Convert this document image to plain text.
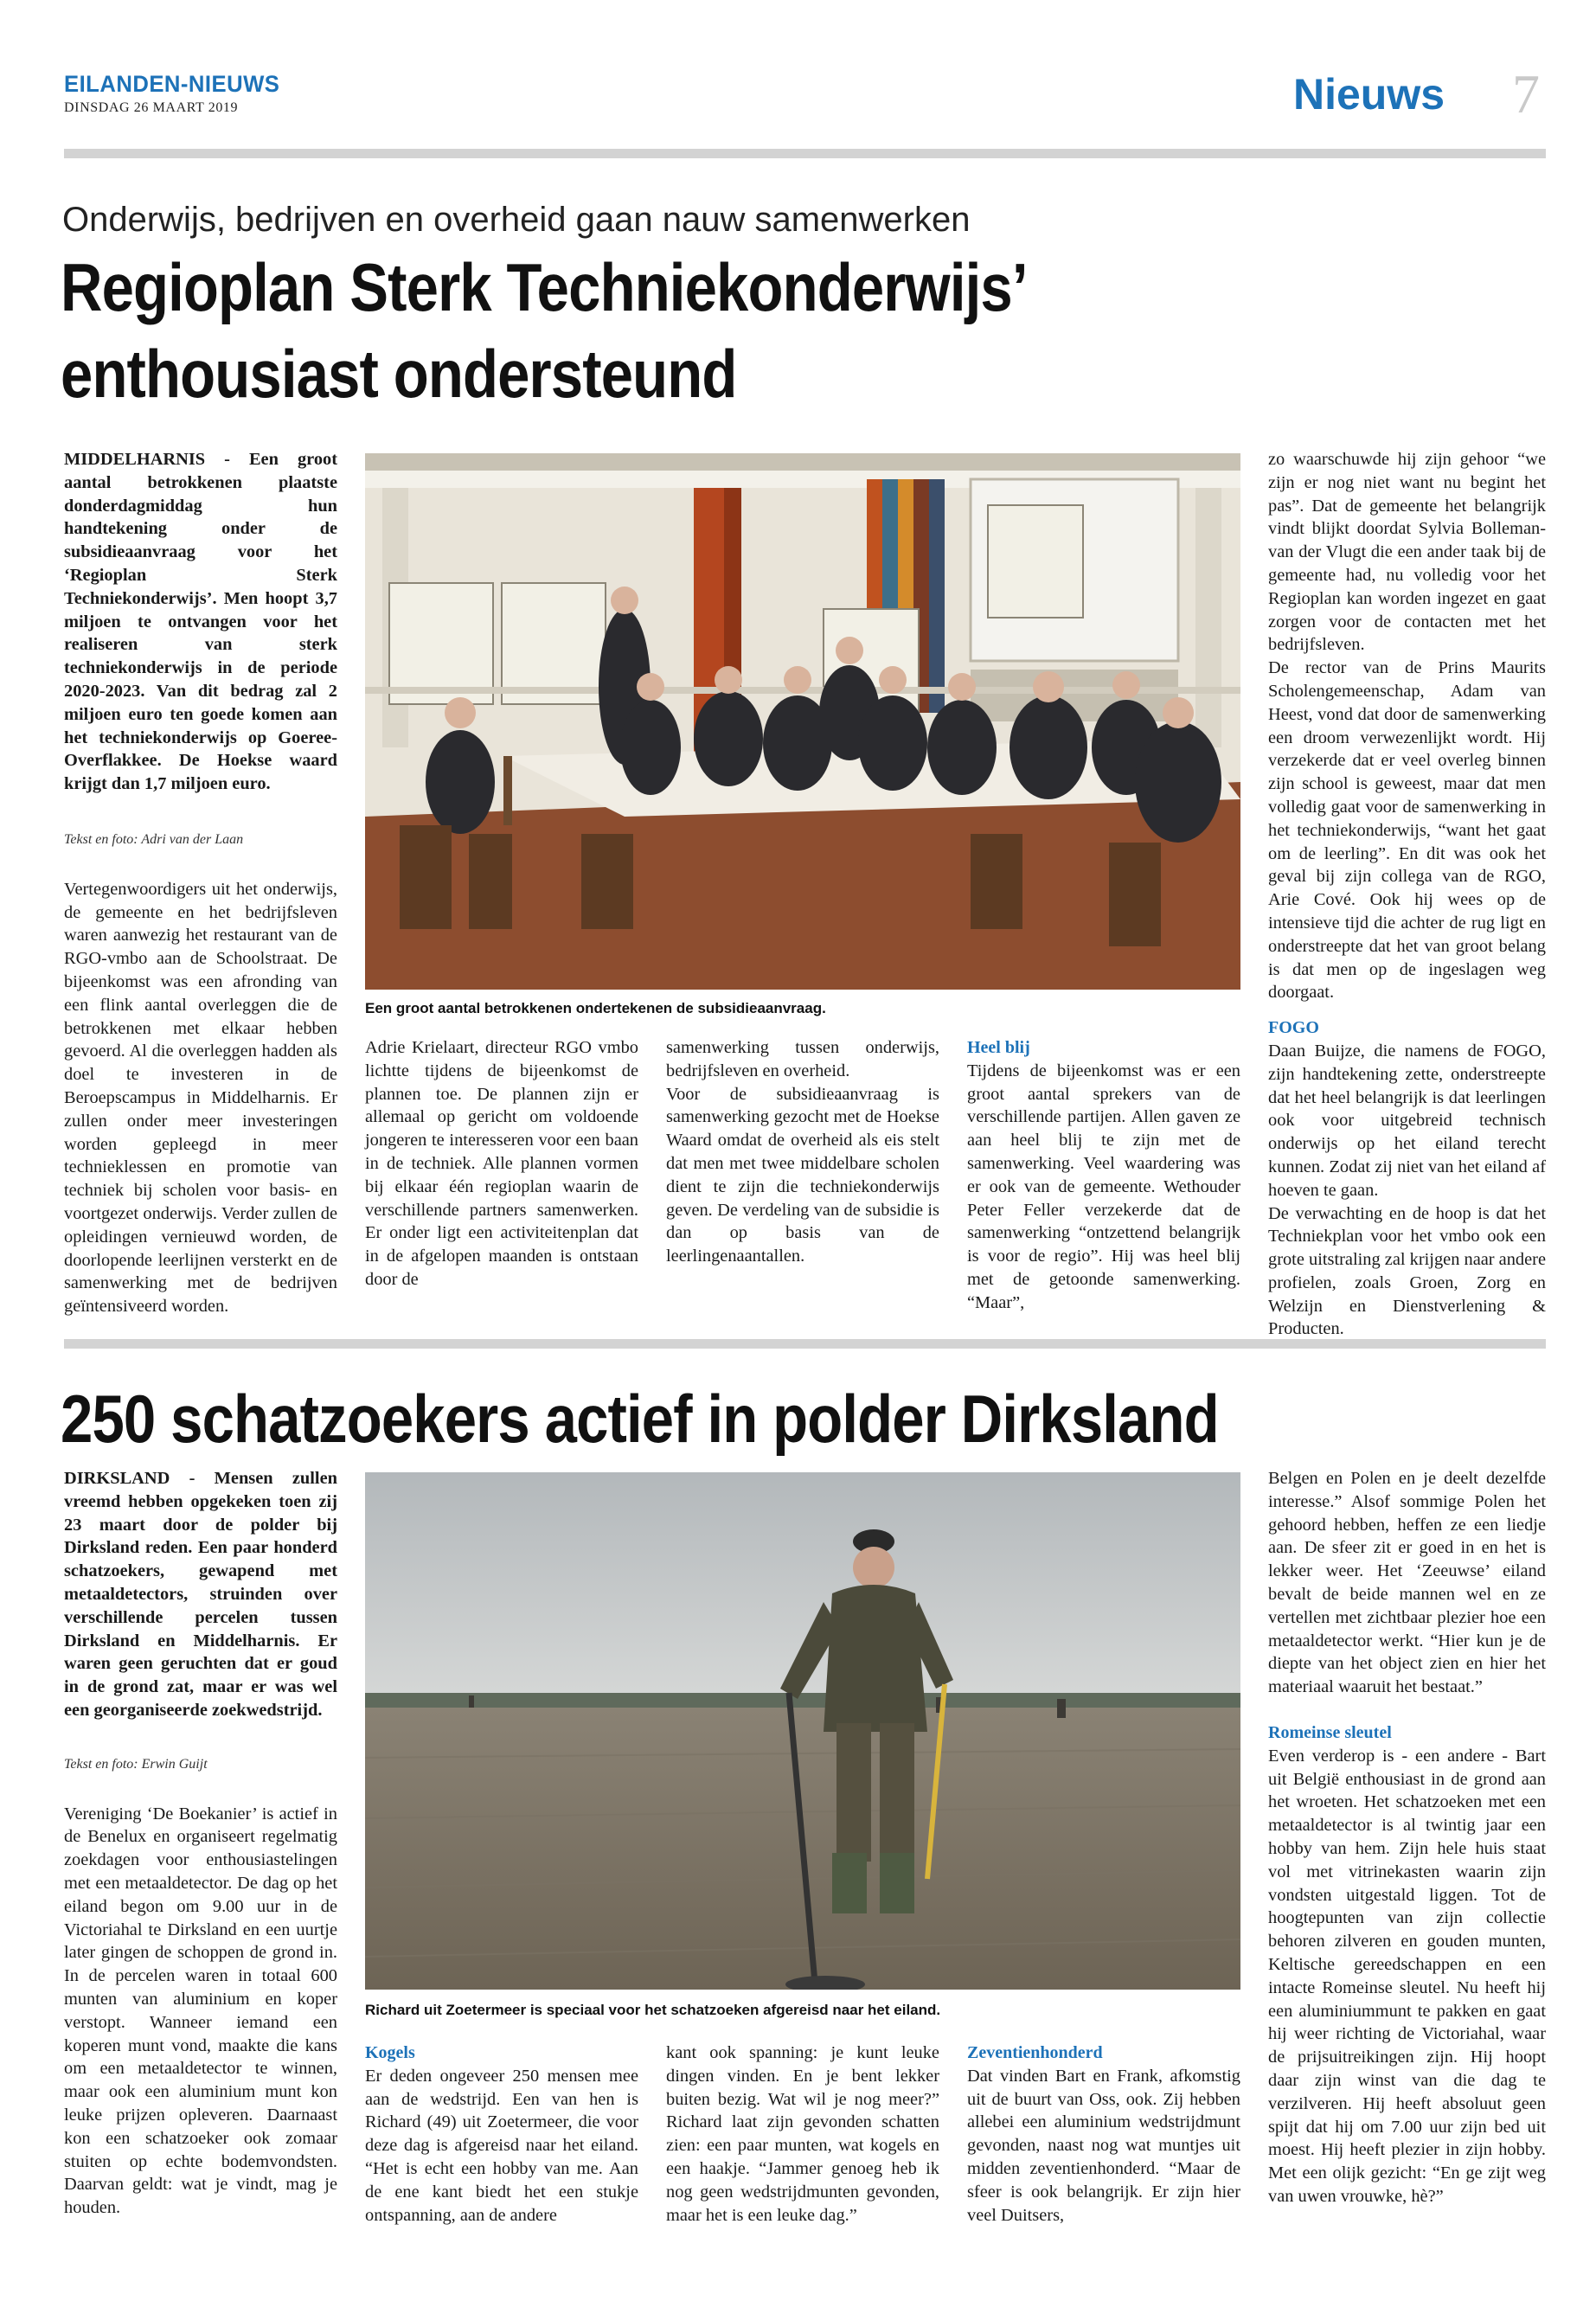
EILANDEN-NIEUWS
DINSDAG 26 MAART 2019	Nieuws 7
Onderwijs, bedrijven en overheid gaan nauw samenwerken
Regioplan Sterk Techniekonderwijs’
enthousiast ondersteund

MIDDELHARNIS - Een groot aantal betrokkenen plaatste donderdagmiddag hun handtekening onder de subsidieaanvraag voor het ‘Regioplan Sterk Techniekonderwijs’. Men hoopt 3,7 miljoen te ontvangen voor het realiseren van sterk techniekonderwijs in de periode 2020-2023. Van dit bedrag zal 2 miljoen euro ten goede komen aan het techniekonderwijs op Goeree-Overflakkee. De Hoekse waard krijgt dan 1,7 miljoen euro.

Tekst en foto: Adri van der Laan

Vertegenwoordigers uit het onderwijs, de gemeente en het bedrijfsleven waren aanwezig het restaurant van de RGO-vmbo aan de Schoolstraat. De bijeenkomst was een afronding van een flink aantal overleggen die de betrokkenen met elkaar hebben gevoerd. Al die overleggen hadden als doel te investeren in de Beroepscampus in Middelharnis. Er zullen onder meer investeringen worden gepleegd in meer technieklessen en promotie van techniek bij scholen voor basis- en voortgezet onderwijs. Verder zullen de opleidingen vernieuwd worden, de doorlopende leerlijnen versterkt en de samenwerking met de bedrijven geïntensiveerd worden.

Een groot aantal betrokkenen ondertekenen de subsidieaanvraag.

Adrie Krielaart, directeur RGO vmbo lichtte tijdens de bijeenkomst de plannen toe. De plannen zijn er allemaal op gericht om voldoende jongeren te interesseren voor een baan in de techniek. Alle plannen vormen bij elkaar één regioplan waarin de verschillende partners samenwerken. Er onder ligt een activiteitenplan dat in de afgelopen maanden is ontstaan door de

samenwerking tussen onderwijs, bedrijfsleven en overheid.

Voor de subsidieaanvraag is samenwerking gezocht met de Hoekse Waard omdat de overheid als eis stelt dat men met twee middelbare scholen dient te zijn die techniekonderwijs geven. De verdeling van de subsidie is dan op basis van de leerlingenaantallen.

Heel blij

Tijdens de bijeenkomst was er een groot aantal sprekers van de verschillende partijen. Allen gaven ze aan heel blij te zijn met de samenwerking. Veel waardering was er ook van de gemeente. Wethouder Peter Feller verzekerde dat de samenwerking “ontzettend belangrijk is voor de regio”. Hij was heel blij met de getoonde samenwerking. “Maar”,

zo waarschuwde hij zijn gehoor “we zijn er nog niet want nu begint het pas”. Dat de gemeente het belangrijk vindt blijkt doordat Sylvia Bolleman-van der Vlugt die een ander taak bij de gemeente had, nu volledig voor het Regioplan kan worden ingezet en gaat zorgen voor de contacten met het bedrijfsleven.

De rector van de Prins Maurits Scholengemeenschap, Adam van Heest, vond dat door de samenwerking een droom verwezenlijkt wordt. Hij verzekerde dat er veel overleg binnen zijn school is geweest, maar dat men volledig gaat voor de samenwerking in het techniekonderwijs, “want het gaat om de leerling”. En dit was ook het geval bij zijn collega van de RGO, Arie Cové. Ook hij wees op de intensieve tijd die achter de rug ligt en onderstreepte dat het van groot belang is dat men op de ingeslagen weg doorgaat.

FOGO

Daan Buijze, die namens de FOGO, zijn handtekening zette, onderstreepte dat het heel belangrijk is dat leerlingen ook voor uitgebreid technisch onderwijs op het eiland terecht kunnen. Zodat zij niet van het eiland af hoeven te gaan.

De verwachting en de hoop is dat het Techniekplan voor het vmbo ook een grote uitstraling zal krijgen naar andere profielen, zoals Groen, Zorg en Welzijn en Dienstverlening & Producten.

250 schatzoekers actief in polder Dirksland

DIRKSLAND - Mensen zullen vreemd hebben opgekeken toen zij 23 maart door de polder bij Dirksland reden. Een paar honderd schatzoekers, gewapend met metaaldetectors, struinden over verschillende percelen tussen Dirksland en Middelharnis. Er waren geen geruchten dat er goud in de grond zat, maar er was wel een georganiseerde zoekwedstrijd.

Tekst en foto: Erwin Guijt

Vereniging ‘De Boekanier’ is actief in de Benelux en organiseert regelmatig zoekdagen voor enthousiastelingen met een metaaldetector. De dag op het eiland begon om 9.00 uur in de Victoriahal te Dirksland en een uurtje later gingen de schoppen de grond in. In de percelen waren in totaal 600 munten van aluminium en koper verstopt. Wanneer iemand een koperen munt vond, maakte die kans om een metaaldetector te winnen, maar ook een aluminium munt kon leuke prijzen opleveren. Daarnaast kon een schatzoeker ook zomaar stuiten op echte bodemvondsten. Daarvan geldt: wat je vindt, mag je houden.

Richard uit Zoetermeer is speciaal voor het schatzoeken afgereisd naar het eiland.

Kogels

Er deden ongeveer 250 mensen mee aan de wedstrijd. Een van hen is Richard (49) uit Zoetermeer, die voor deze dag is afgereisd naar het eiland. “Het is echt een hobby van me. Aan de ene kant biedt het een stukje ontspanning, aan de andere

kant ook spanning: je kunt leuke dingen vinden. En je bent lekker buiten bezig. Wat wil je nog meer?” Richard laat zijn gevonden schatten zien: een paar munten, wat kogels en een haakje. “Jammer genoeg heb ik nog geen wedstrijdmunten gevonden, maar het is een leuke dag.”

Zeventienhonderd

Dat vinden Bart en Frank, afkomstig uit de buurt van Oss, ook. Zij hebben allebei een aluminium wedstrijdmunt gevonden, naast nog wat muntjes uit midden zeventienhonderd. “Maar de sfeer is ook belangrijk. Er zijn hier veel Duitsers,

Belgen en Polen en je deelt dezelfde interesse.” Alsof sommige Polen het gehoord hebben, heffen ze een liedje aan. De sfeer zit er goed in en het is lekker weer. Het ‘Zeeuwse’ eiland bevalt de beide mannen wel en ze vertellen met zichtbaar plezier hoe een metaaldetector werkt. “Hier kun je de diepte van het object zien en hier het materiaal waaruit het bestaat.”

Romeinse sleutel

Even verderop is - een andere - Bart uit België enthousiast in de grond aan het wroeten. Het schatzoeken met een metaaldetector is al twintig jaar een hobby van hem. Zijn hele huis staat vol met vitrinekasten waarin zijn vondsten uitgestald liggen. Tot de hoogtepunten van zijn collectie behoren zilveren en gouden munten, Keltische gereedschappen en een intacte Romeinse sleutel. Nu heeft hij een aluminiummunt te pakken en gaat hij weer richting de Victoriahal, waar de prijsuitreikingen zijn. Hij hoopt daar zijn winst van die dag te verzilveren. Hij heeft absoluut geen spijt dat hij om 7.00 uur zijn bed uit moest. Hij heeft plezier in zijn hobby. Met een olijk gezicht: “En ge zijt weg van uwen vrouwke, hè?”
